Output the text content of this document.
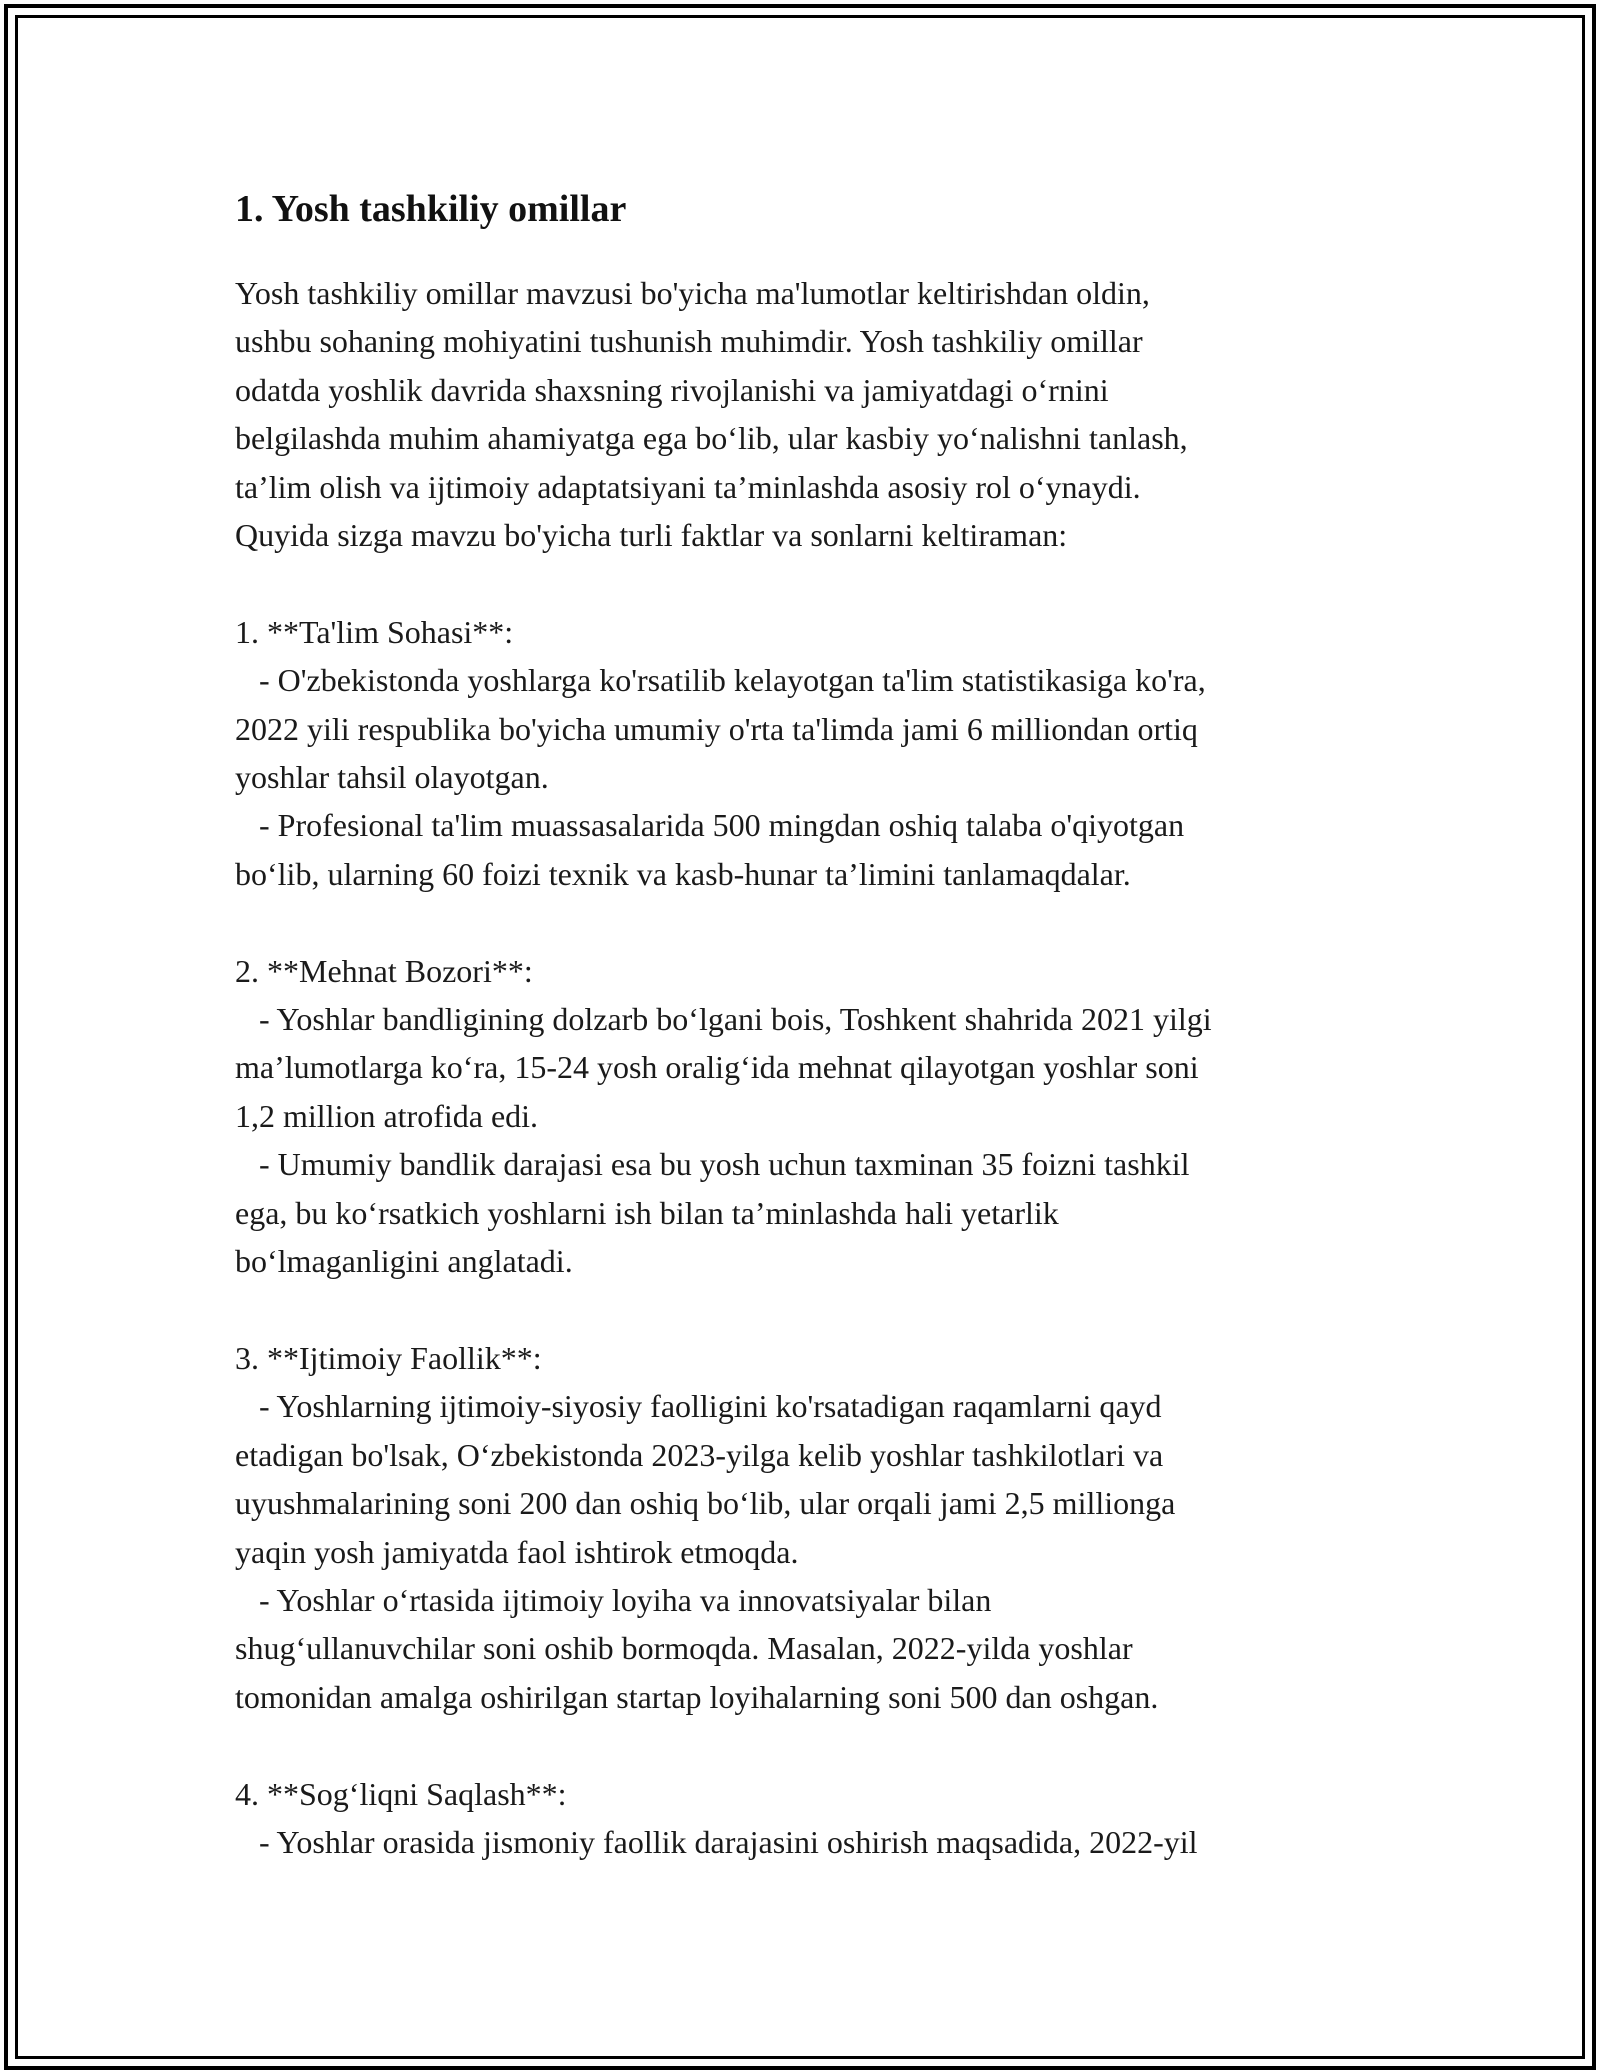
1. Yosh tashkiliy omillar

Yosh tashkiliy omillar mavzusi bo'yicha ma'lumotlar keltirishdan oldin,
ushbu sohaning mohiyatini tushunish muhimdir. Yosh tashkiliy omillar
odatda yoshlik davrida shaxsning rivojlanishi va jamiyatdagi o‘rnini
belgilashda muhim ahamiyatga ega bo‘lib, ular kasbiy yo‘nalishni tanlash,
ta’lim olish va ijtimoiy adaptatsiyani ta’minlashda asosiy rol o‘ynaydi.
Quyida sizga mavzu bo'yicha turli faktlar va sonlarni keltiraman:

1. **Ta'lim Sohasi**:
- O'zbekistonda yoshlarga ko'rsatilib kelayotgan ta'lim statistikasiga ko'ra,
2022 yili respublika bo'yicha umumiy o'rta ta'limda jami 6 milliondan ortiq
yoshlar tahsil olayotgan.
- Profesional ta'lim muassasalarida 500 mingdan oshiq talaba o'qiyotgan
bo‘lib, ularning 60 foizi texnik va kasb-hunar ta’limini tanlamaqdalar.

2. **Mehnat Bozori**:
- Yoshlar bandligining dolzarb bo‘lgani bois, Toshkent shahrida 2021 yilgi
ma’lumotlarga ko‘ra, 15-24 yosh oralig‘ida mehnat qilayotgan yoshlar soni
1,2 million atrofida edi.
- Umumiy bandlik darajasi esa bu yosh uchun taxminan 35 foizni tashkil
ega, bu ko‘rsatkich yoshlarni ish bilan ta’minlashda hali yetarlik
bo‘lmaganligini anglatadi.

3. **Ijtimoiy Faollik**:
- Yoshlarning ijtimoiy-siyosiy faolligini ko'rsatadigan raqamlarni qayd
etadigan bo'lsak, O‘zbekistonda 2023-yilga kelib yoshlar tashkilotlari va
uyushmalarining soni 200 dan oshiq bo‘lib, ular orqali jami 2,5 millionga
yaqin yosh jamiyatda faol ishtirok etmoqda.
- Yoshlar o‘rtasida ijtimoiy loyiha va innovatsiyalar bilan
shug‘ullanuvchilar soni oshib bormoqda. Masalan, 2022-yilda yoshlar
tomonidan amalga oshirilgan startap loyihalarning soni 500 dan oshgan.

4. **Sog‘liqni Saqlash**:
- Yoshlar orasida jismoniy faollik darajasini oshirish maqsadida, 2022-yil
